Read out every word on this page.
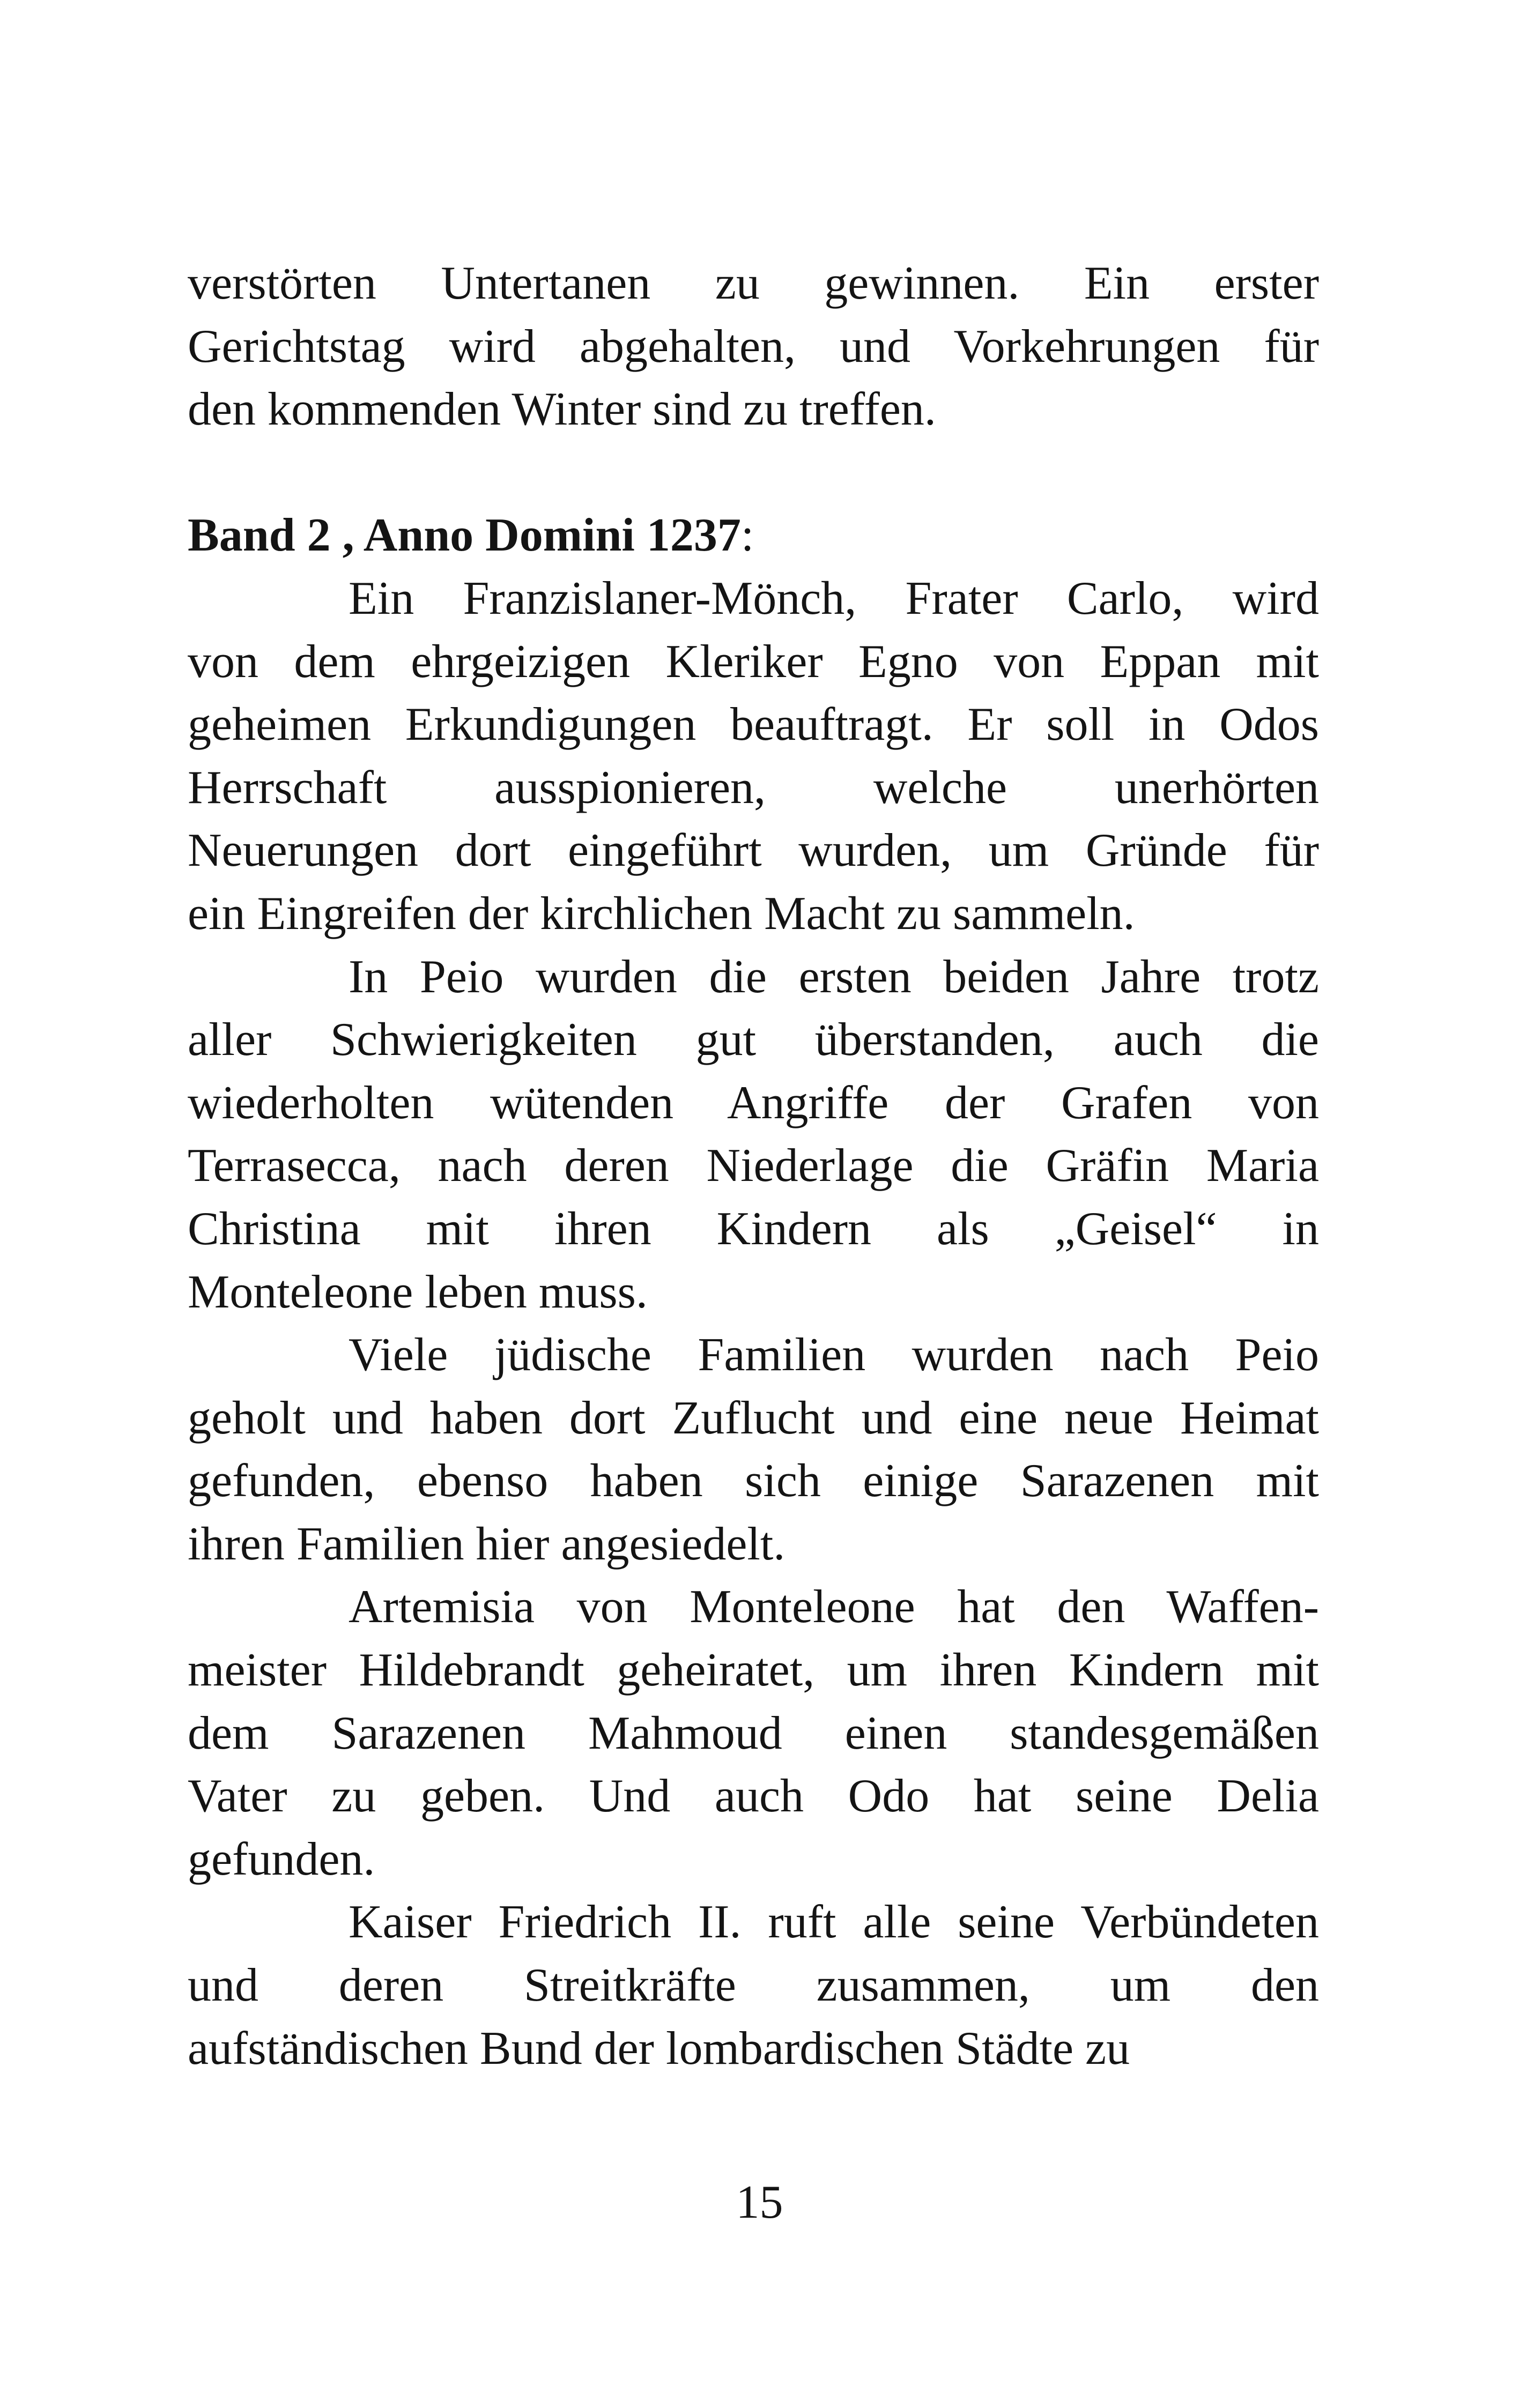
verstörten Untertanen zu gewinnen. Ein erster
Gerichtstag wird abgehalten, und Vorkehrungen für
den kommenden Winter sind zu treffen.
Band 2 , Anno Domini 1237:
Ein Franzislaner-Mönch, Frater Carlo, wird
von dem ehrgeizigen Kleriker Egno von Eppan mit
geheimen Erkundigungen beauftragt. Er soll in Odos
Herrschaft ausspionieren, welche unerhörten
Neuerungen dort eingeführt wurden, um Gründe für
ein Eingreifen der kirchlichen Macht zu sammeln.
In Peio wurden die ersten beiden Jahre trotz
aller Schwierigkeiten gut überstanden, auch die
wiederholten wütenden Angriffe der Grafen von
Terrasecca, nach deren Niederlage die Gräfin Maria
Christina mit ihren Kindern als „Geisel“ in
Monteleone leben muss.
Viele jüdische Familien wurden nach Peio
geholt und haben dort Zuflucht und eine neue Heimat
gefunden, ebenso haben sich einige Sarazenen mit
ihren Familien hier angesiedelt.
Artemisia von Monteleone hat den Waffen-
meister Hildebrandt geheiratet, um ihren Kindern mit
dem Sarazenen Mahmoud einen standesgemäßen
Vater zu geben. Und auch Odo hat seine Delia
gefunden.
Kaiser Friedrich II. ruft alle seine Verbündeten
und deren Streitkräfte zusammen, um den
aufständischen Bund der lombardischen Städte zu
15
